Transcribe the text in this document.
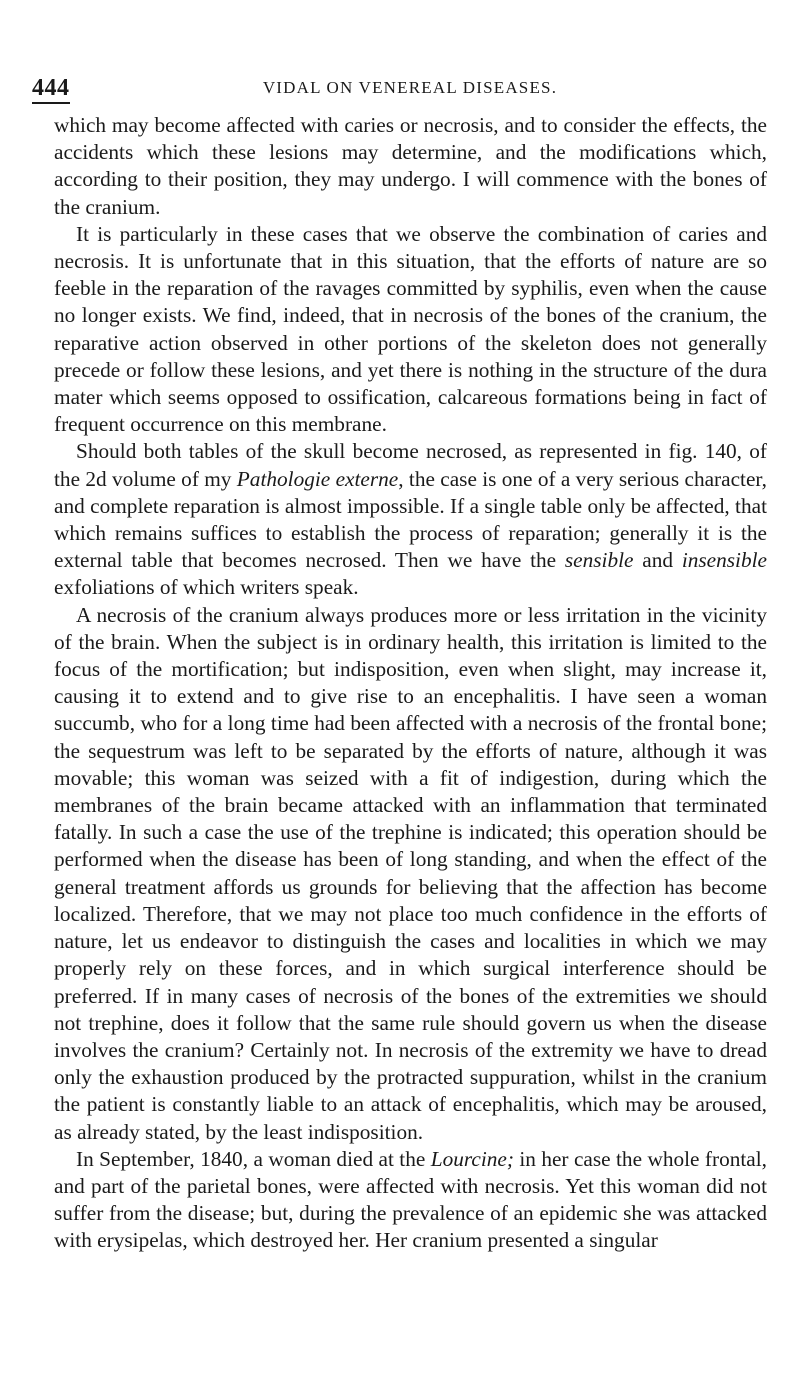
444	VIDAL ON VENEREAL DISEASES.

which may become affected with caries or necrosis, and to consider the effects, the accidents which these lesions may determine, and the modifications which, according to their position, they may undergo. I will commence with the bones of the cranium.

It is particularly in these cases that we observe the combination of caries and necrosis. It is unfortunate that in this situation, that the efforts of nature are so feeble in the reparation of the ravages committed by syphilis, even when the cause no longer exists. We find, indeed, that in necrosis of the bones of the cranium, the reparative action observed in other portions of the skeleton does not generally precede or follow these lesions, and yet there is nothing in the structure of the dura mater which seems opposed to ossification, calcareous formations being in fact of frequent occurrence on this membrane.

Should both tables of the skull become necrosed, as represented in fig. 140, of the 2d volume of my Pathologie externe, the case is one of a very serious character, and complete reparation is almost impossible. If a single table only be affected, that which remains suffices to establish the process of reparation; generally it is the external table that becomes necrosed. Then we have the sensible and insensible exfoliations of which writers speak.

A necrosis of the cranium always produces more or less irritation in the vicinity of the brain. When the subject is in ordinary health, this irritation is limited to the focus of the mortification; but indisposition, even when slight, may increase it, causing it to extend and to give rise to an encephalitis. I have seen a woman succumb, who for a long time had been affected with a necrosis of the frontal bone; the sequestrum was left to be separated by the efforts of nature, although it was movable; this woman was seized with a fit of indigestion, during which the membranes of the brain became attacked with an inflammation that terminated fatally. In such a case the use of the trephine is indicated; this operation should be performed when the disease has been of long standing, and when the effect of the general treatment affords us grounds for believing that the affection has become localized. Therefore, that we may not place too much confidence in the efforts of nature, let us endeavor to distinguish the cases and localities in which we may properly rely on these forces, and in which surgical interference should be preferred. If in many cases of necrosis of the bones of the extremities we should not trephine, does it follow that the same rule should govern us when the disease involves the cranium? Certainly not. In necrosis of the extremity we have to dread only the exhaustion produced by the protracted suppuration, whilst in the cranium the patient is constantly liable to an attack of encephalitis, which may be aroused, as already stated, by the least indisposition.

In September, 1840, a woman died at the Lourcine; in her case the whole frontal, and part of the parietal bones, were affected with necrosis. Yet this woman did not suffer from the disease; but, during the prevalence of an epidemic she was attacked with erysipelas, which destroyed her. Her cranium presented a singular
